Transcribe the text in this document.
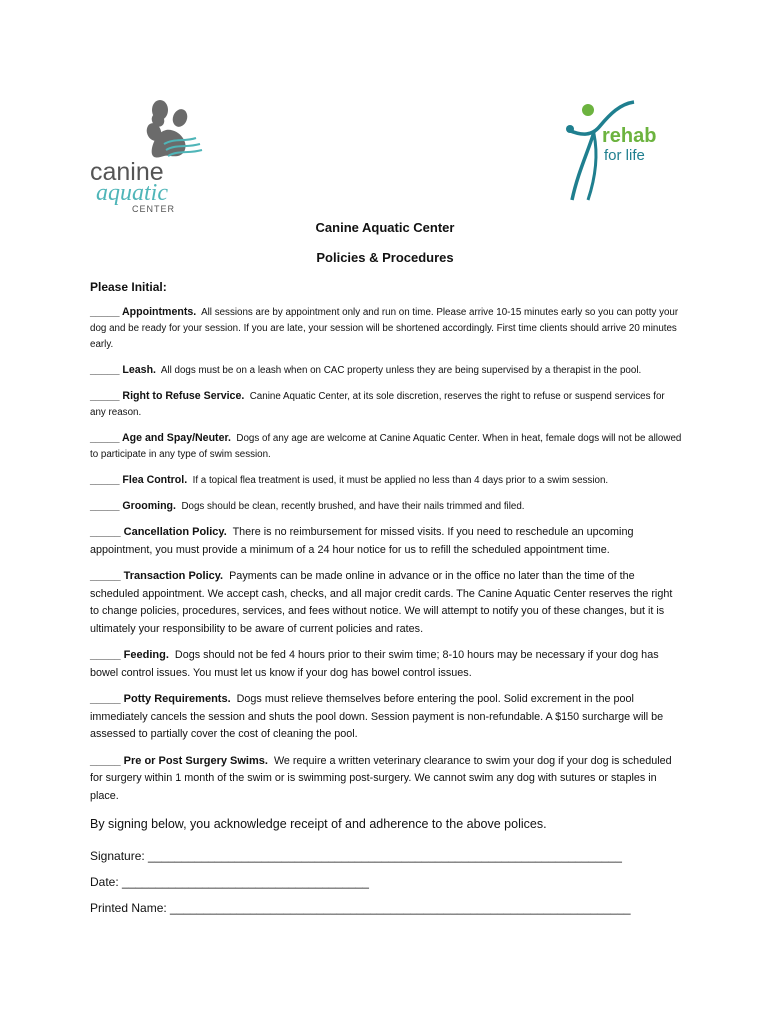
canine
aquatic
CENTER
rehab
for life
Canine Aquatic Center
Policies & Procedures

Please Initial:

_____ Appointments. All sessions are by appointment only and run on time. Please arrive 10-15 minutes early so you can potty your dog and be ready for your session. If you are late, your session will be shortened accordingly. First time clients should arrive 20 minutes early.

_____ Leash. All dogs must be on a leash when on CAC property unless they are being supervised by a therapist in the pool.

_____ Right to Refuse Service. Canine Aquatic Center, at its sole discretion, reserves the right to refuse or suspend services for any reason.

_____ Age and Spay/Neuter. Dogs of any age are welcome at Canine Aquatic Center. When in heat, female dogs will not be allowed to participate in any type of swim session.

_____ Flea Control. If a topical flea treatment is used, it must be applied no less than 4 days prior to a swim session.

_____ Grooming. Dogs should be clean, recently brushed, and have their nails trimmed and filed.

_____ Cancellation Policy. There is no reimbursement for missed visits. If you need to reschedule an upcoming appointment, you must provide a minimum of a 24 hour notice for us to refill the scheduled appointment time.

_____ Transaction Policy. Payments can be made online in advance or in the office no later than the time of the scheduled appointment. We accept cash, checks, and all major credit cards. The Canine Aquatic Center reserves the right to change policies, procedures, services, and fees without notice. We will attempt to notify you of these changes, but it is ultimately your responsibility to be aware of current policies and rates.

_____ Feeding. Dogs should not be fed 4 hours prior to their swim time; 8-10 hours may be necessary if your dog has bowel control issues. You must let us know if your dog has bowel control issues.

_____ Potty Requirements. Dogs must relieve themselves before entering the pool. Solid excrement in the pool immediately cancels the session and shuts the pool down. Session payment is non-refundable. A $150 surcharge will be assessed to partially cover the cost of cleaning the pool.

_____ Pre or Post Surgery Swims. We require a written veterinary clearance to swim your dog if your dog is scheduled for surgery within 1 month of the swim or is swimming post-surgery. We cannot swim any dog with sutures or staples in place.

By signing below, you acknowledge receipt of and adherence to the above polices.

Signature: _______________________________________________________________________

Date: _____________________________________

Printed Name: _____________________________________________________________________
